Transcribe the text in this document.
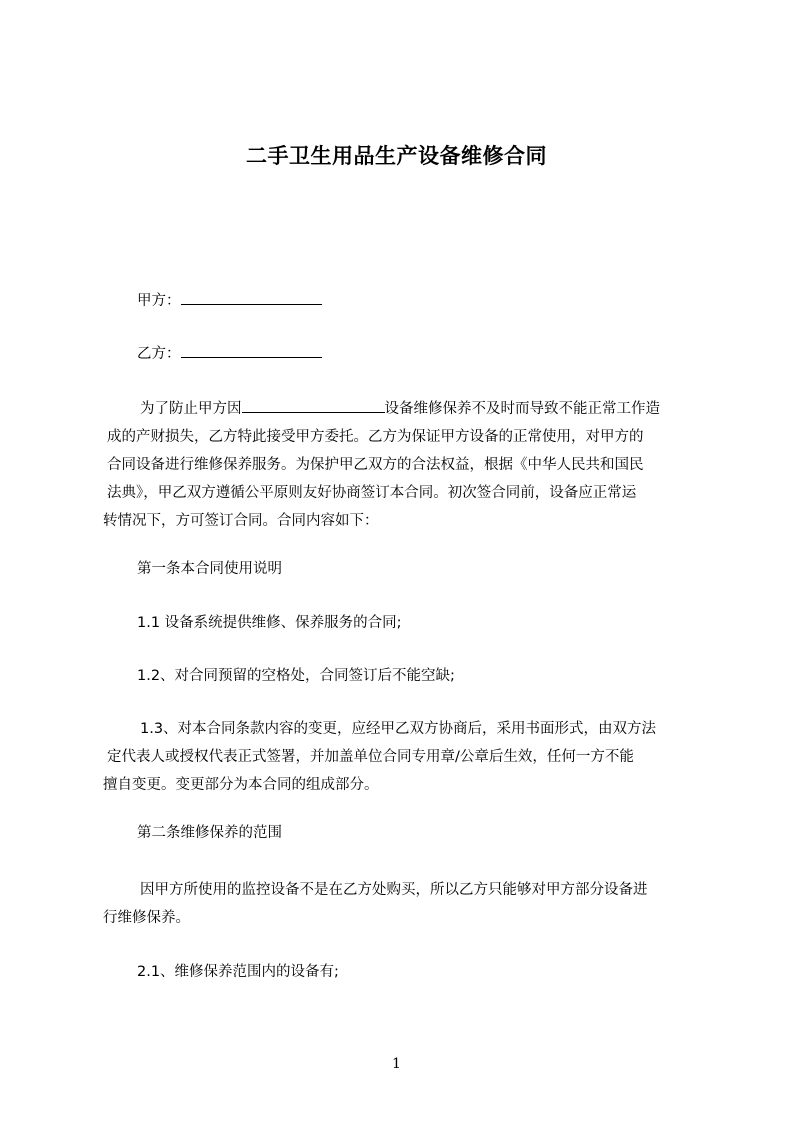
二手卫生用品生产设备维修合同
甲方：
乙方：
为了防止甲方因	设备维修保养不及时而导致不能正常工作造
成的产财损失，乙方特此接受甲方委托。乙方为保证甲方设备的正常使用，对甲方的
合同设备进行维修保养服务。为保护甲乙双方的合法权益，根据《中华人民共和国民
法典》，甲乙双方遵循公平原则友好协商签订本合同。初次签合同前，设备应正常运
转情况下，方可签订合同。合同内容如下：
第一条本合同使用说明
1.1 设备系统提供维修、保养服务的合同;
1.2、对合同预留的空格处，合同签订后不能空缺;
1.3、对本合同条款内容的变更，应经甲乙双方协商后，采用书面形式，由双方法
定代表人或授权代表正式签署，并加盖单位合同专用章/公章后生效，任何一方不能
擅自变更。变更部分为本合同的组成部分。
第二条维修保养的范围
因甲方所使用的监控设备不是在乙方处购买，所以乙方只能够对甲方部分设备进
行维修保养。
2.1、维修保养范围内的设备有;
1
